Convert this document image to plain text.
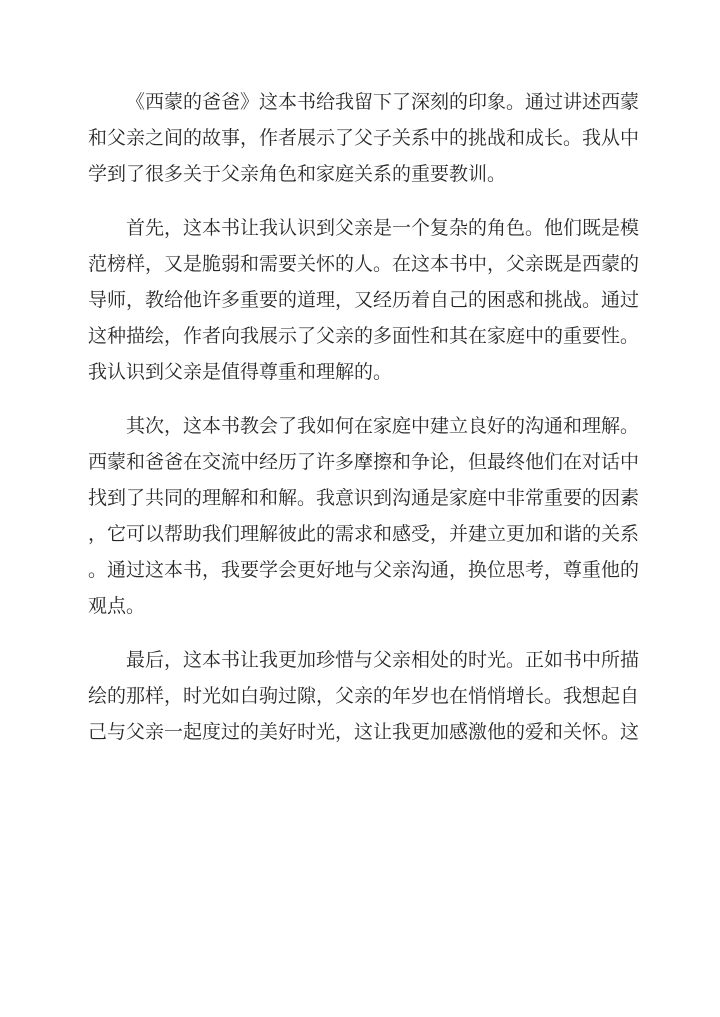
《西蒙的爸爸》这本书给我留下了深刻的印象。通过讲述西蒙
和父亲之间的故事，作者展示了父子关系中的挑战和成长。我从中
学到了很多关于父亲角色和家庭关系的重要教训。
首先，这本书让我认识到父亲是一个复杂的角色。他们既是模
范榜样，又是脆弱和需要关怀的人。在这本书中，父亲既是西蒙的
导师，教给他许多重要的道理，又经历着自己的困惑和挑战。通过
这种描绘，作者向我展示了父亲的多面性和其在家庭中的重要性。
我认识到父亲是值得尊重和理解的。
其次，这本书教会了我如何在家庭中建立良好的沟通和理解。
西蒙和爸爸在交流中经历了许多摩擦和争论，但最终他们在对话中
找到了共同的理解和和解。我意识到沟通是家庭中非常重要的因素
，它可以帮助我们理解彼此的需求和感受，并建立更加和谐的关系
。通过这本书，我要学会更好地与父亲沟通，换位思考，尊重他的
观点。
最后，这本书让我更加珍惜与父亲相处的时光。正如书中所描
绘的那样，时光如白驹过隙，父亲的年岁也在悄悄增长。我想起自
己与父亲一起度过的美好时光，这让我更加感激他的爱和关怀。这
